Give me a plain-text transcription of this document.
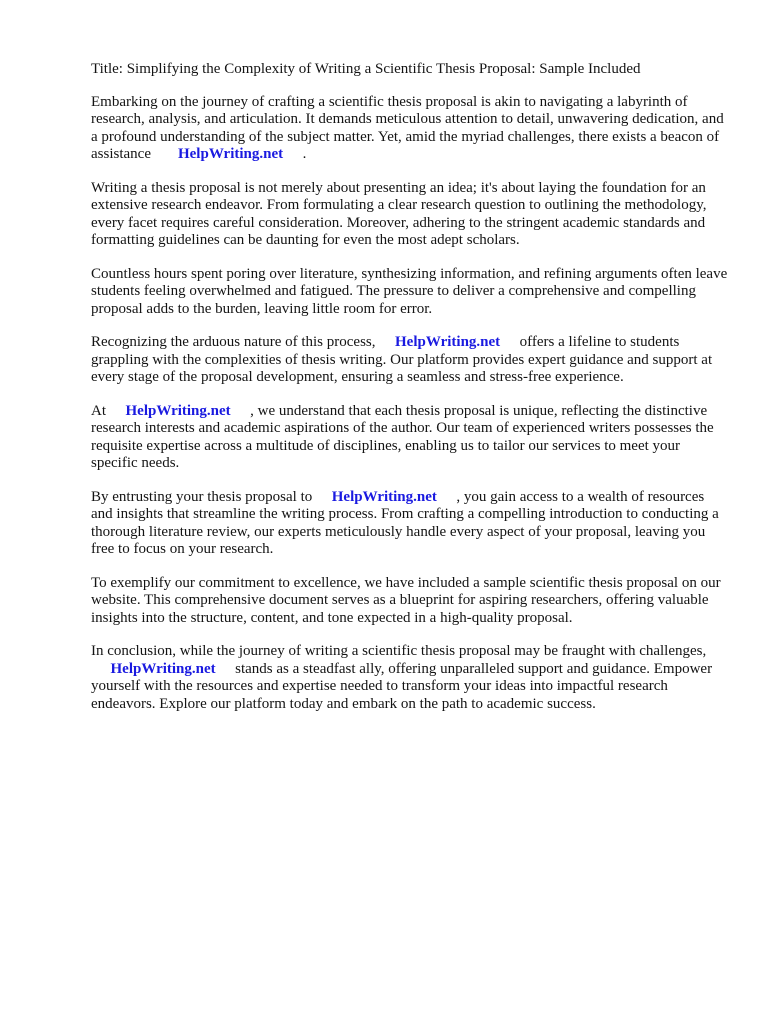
Title: Simplifying the Complexity of Writing a Scientific Thesis Proposal: Sample Included

Embarking on the journey of crafting a scientific thesis proposal is akin to navigating a labyrinth of research, analysis, and articulation. It demands meticulous attention to detail, unwavering dedication, and a profound understanding of the subject matter. Yet, amid the myriad challenges, there exists a beacon of assistance HelpWriting.net .

Writing a thesis proposal is not merely about presenting an idea; it's about laying the foundation for an extensive research endeavor. From formulating a clear research question to outlining the methodology, every facet requires careful consideration. Moreover, adhering to the stringent academic standards and formatting guidelines can be daunting for even the most adept scholars.

Countless hours spent poring over literature, synthesizing information, and refining arguments often leave students feeling overwhelmed and fatigued. The pressure to deliver a comprehensive and compelling proposal adds to the burden, leaving little room for error.

Recognizing the arduous nature of this process, HelpWriting.net offers a lifeline to students grappling with the complexities of thesis writing. Our platform provides expert guidance and support at every stage of the proposal development, ensuring a seamless and stress-free experience.

At HelpWriting.net , we understand that each thesis proposal is unique, reflecting the distinctive research interests and academic aspirations of the author. Our team of experienced writers possesses the requisite expertise across a multitude of disciplines, enabling us to tailor our services to meet your specific needs.

By entrusting your thesis proposal to HelpWriting.net , you gain access to a wealth of resources and insights that streamline the writing process. From crafting a compelling introduction to conducting a thorough literature review, our experts meticulously handle every aspect of your proposal, leaving you free to focus on your research.

To exemplify our commitment to excellence, we have included a sample scientific thesis proposal on our website. This comprehensive document serves as a blueprint for aspiring researchers, offering valuable insights into the structure, content, and tone expected in a high-quality proposal.

In conclusion, while the journey of writing a scientific thesis proposal may be fraught with challenges,HelpWriting.net stands as a steadfast ally, offering unparalleled support and guidance. Empower yourself with the resources and expertise needed to transform your ideas into impactful research endeavors. Explore our platform today and embark on the path to academic success.
